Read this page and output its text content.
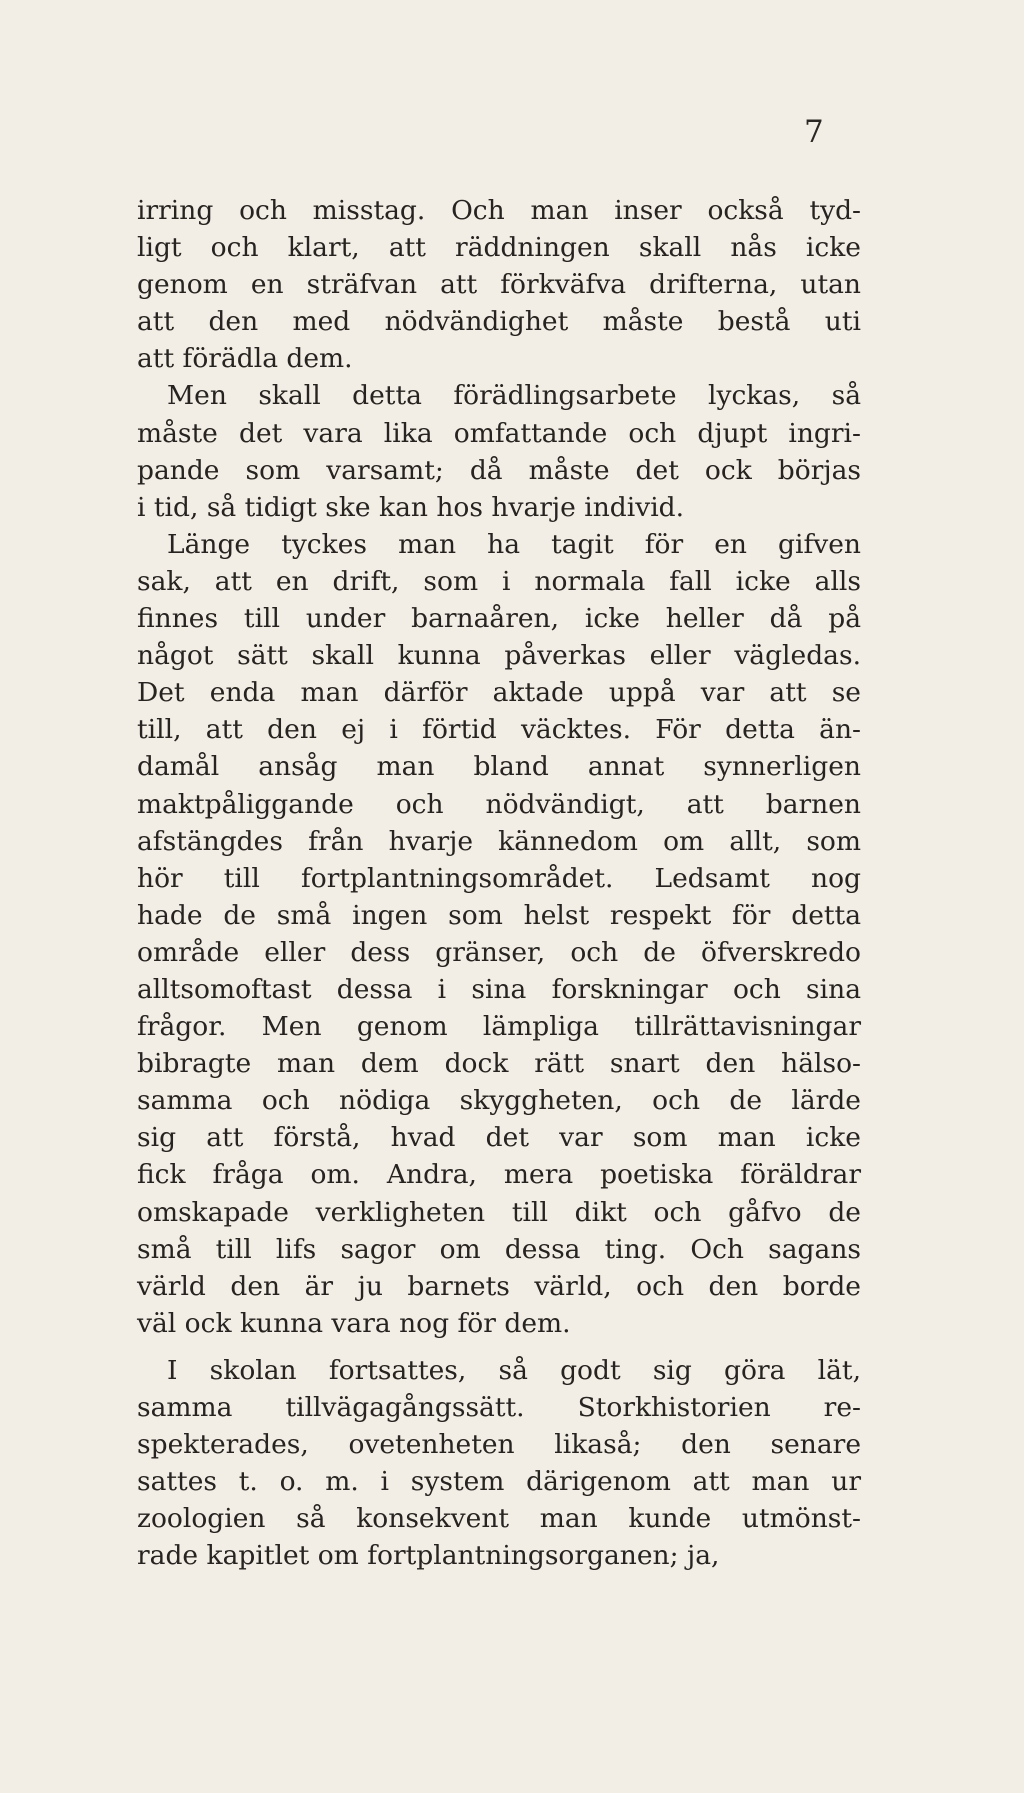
7
irring och misstag. Och man inser också tyd-
ligt och klart, att räddningen skall nås icke
genom en sträfvan att förkväfva drifterna, utan
att den med nödvändighet måste bestå uti
att förädla dem.
Men skall detta förädlingsarbete lyckas, så
måste det vara lika omfattande och djupt ingri-
pande som varsamt; då måste det ock börjas
i tid, så tidigt ske kan hos hvarje individ.
Länge tyckes man ha tagit för en gifven
sak, att en drift, som i normala fall icke alls
finnes till under barnaåren, icke heller då på
något sätt skall kunna påverkas eller vägledas.
Det enda man därför aktade uppå var att se
till, att den ej i förtid väcktes. För detta än-
damål ansåg man bland annat synnerligen
maktpåliggande och nödvändigt, att barnen
afstängdes från hvarje kännedom om allt, som
hör till fortplantningsområdet. Ledsamt nog
hade de små ingen som helst respekt för detta
område eller dess gränser, och de öfverskredo
alltsomoftast dessa i sina forskningar och sina
frågor. Men genom lämpliga tillrättavisningar
bibragte man dem dock rätt snart den hälso-
samma och nödiga skyggheten, och de lärde
sig att förstå, hvad det var som man icke
fick fråga om. Andra, mera poetiska föräldrar
omskapade verkligheten till dikt och gåfvo de
små till lifs sagor om dessa ting. Och sagans
värld den är ju barnets värld, och den borde
väl ock kunna vara nog för dem.
I skolan fortsattes, så godt sig göra lät,
samma tillvägagångssätt. Storkhistorien re-
spekterades, ovetenheten likaså; den senare
sattes t. o. m. i system därigenom att man ur
zoologien så konsekvent man kunde utmönst-
rade kapitlet om fortplantningsorganen; ja,
